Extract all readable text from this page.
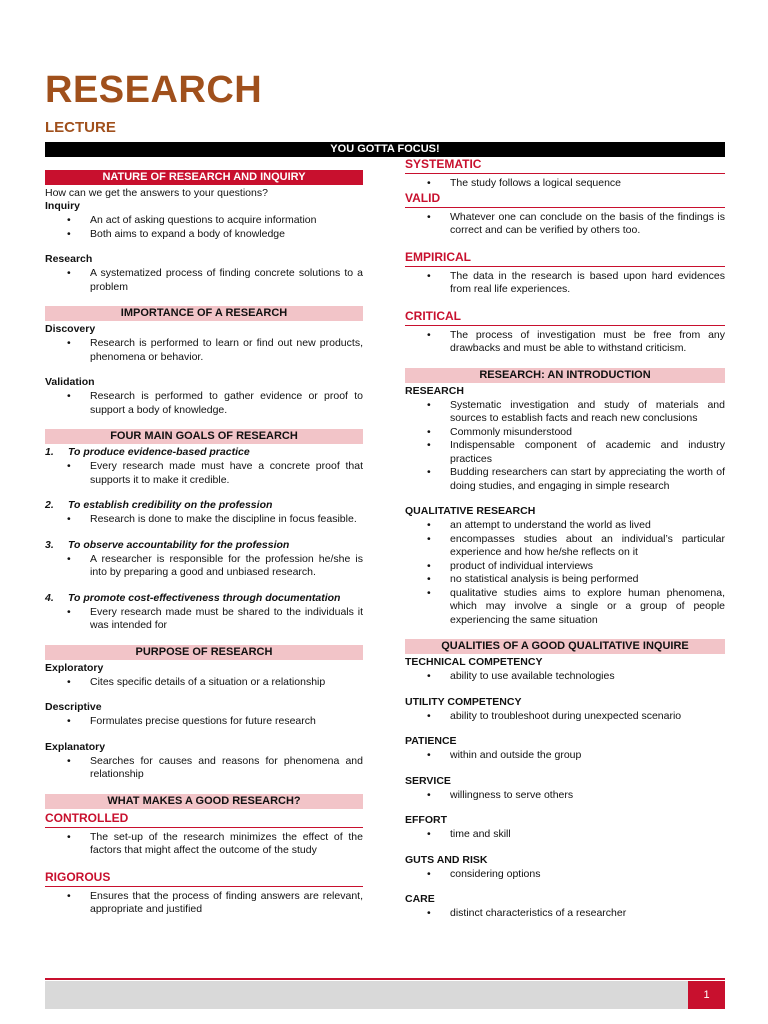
RESEARCH
LECTURE
YOU GOTTA FOCUS!
NATURE OF RESEARCH AND INQUIRY
How can we get the answers to your questions?
Inquiry
• An act of asking questions to acquire information
• Both aims to expand a body of knowledge
Research
• A systematized process of finding concrete solutions to a problem
IMPORTANCE OF A RESEARCH
Discovery
• Research is performed to learn or find out new products, phenomena or behavior.
Validation
• Research is performed to gather evidence or proof to support a body of knowledge.
FOUR MAIN GOALS OF RESEARCH
1. To produce evidence-based practice
• Every research made must have a concrete proof that supports it to make it credible.
2. To establish credibility on the profession
• Research is done to make the discipline in focus feasible.
3. To observe accountability for the profession
• A researcher is responsible for the profession he/she is into by preparing a good and unbiased research.
4. To promote cost-effectiveness through documentation
• Every research made must be shared to the individuals it was intended for
PURPOSE OF RESEARCH
Exploratory
• Cites specific details of a situation or a relationship
Descriptive
• Formulates precise questions for future research
Explanatory
• Searches for causes and reasons for phenomena and relationship
WHAT MAKES A GOOD RESEARCH?
CONTROLLED
• The set-up of the research minimizes the effect of the factors that might affect the outcome of the study
RIGOROUS
• Ensures that the process of finding answers are relevant, appropriate and justified
SYSTEMATIC
• The study follows a logical sequence
VALID
• Whatever one can conclude on the basis of the findings is correct and can be verified by others too.
EMPIRICAL
• The data in the research is based upon hard evidences from real life experiences.
CRITICAL
• The process of investigation must be free from any drawbacks and must be able to withstand criticism.
RESEARCH: AN INTRODUCTION
RESEARCH
• Systematic investigation and study of materials and sources to establish facts and reach new conclusions
• Commonly misunderstood
• Indispensable component of academic and industry practices
• Budding researchers can start by appreciating the worth of doing studies, and engaging in simple research
QUALITATIVE RESEARCH
• an attempt to understand the world as lived
• encompasses studies about an individual’s particular experience and how he/she reflects on it
• product of individual interviews
• no statistical analysis is being performed
• qualitative studies aims to explore human phenomena, which may involve a single or a group of people experiencing the same situation
QUALITIES OF A GOOD QUALITATIVE INQUIRE
TECHNICAL COMPETENCY
• ability to use available technologies
UTILITY COMPETENCY
• ability to troubleshoot during unexpected scenario
PATIENCE
• within and outside the group
SERVICE
• willingness to serve others
EFFORT
• time and skill
GUTS AND RISK
• considering options
CARE
• distinct characteristics of a researcher
1
